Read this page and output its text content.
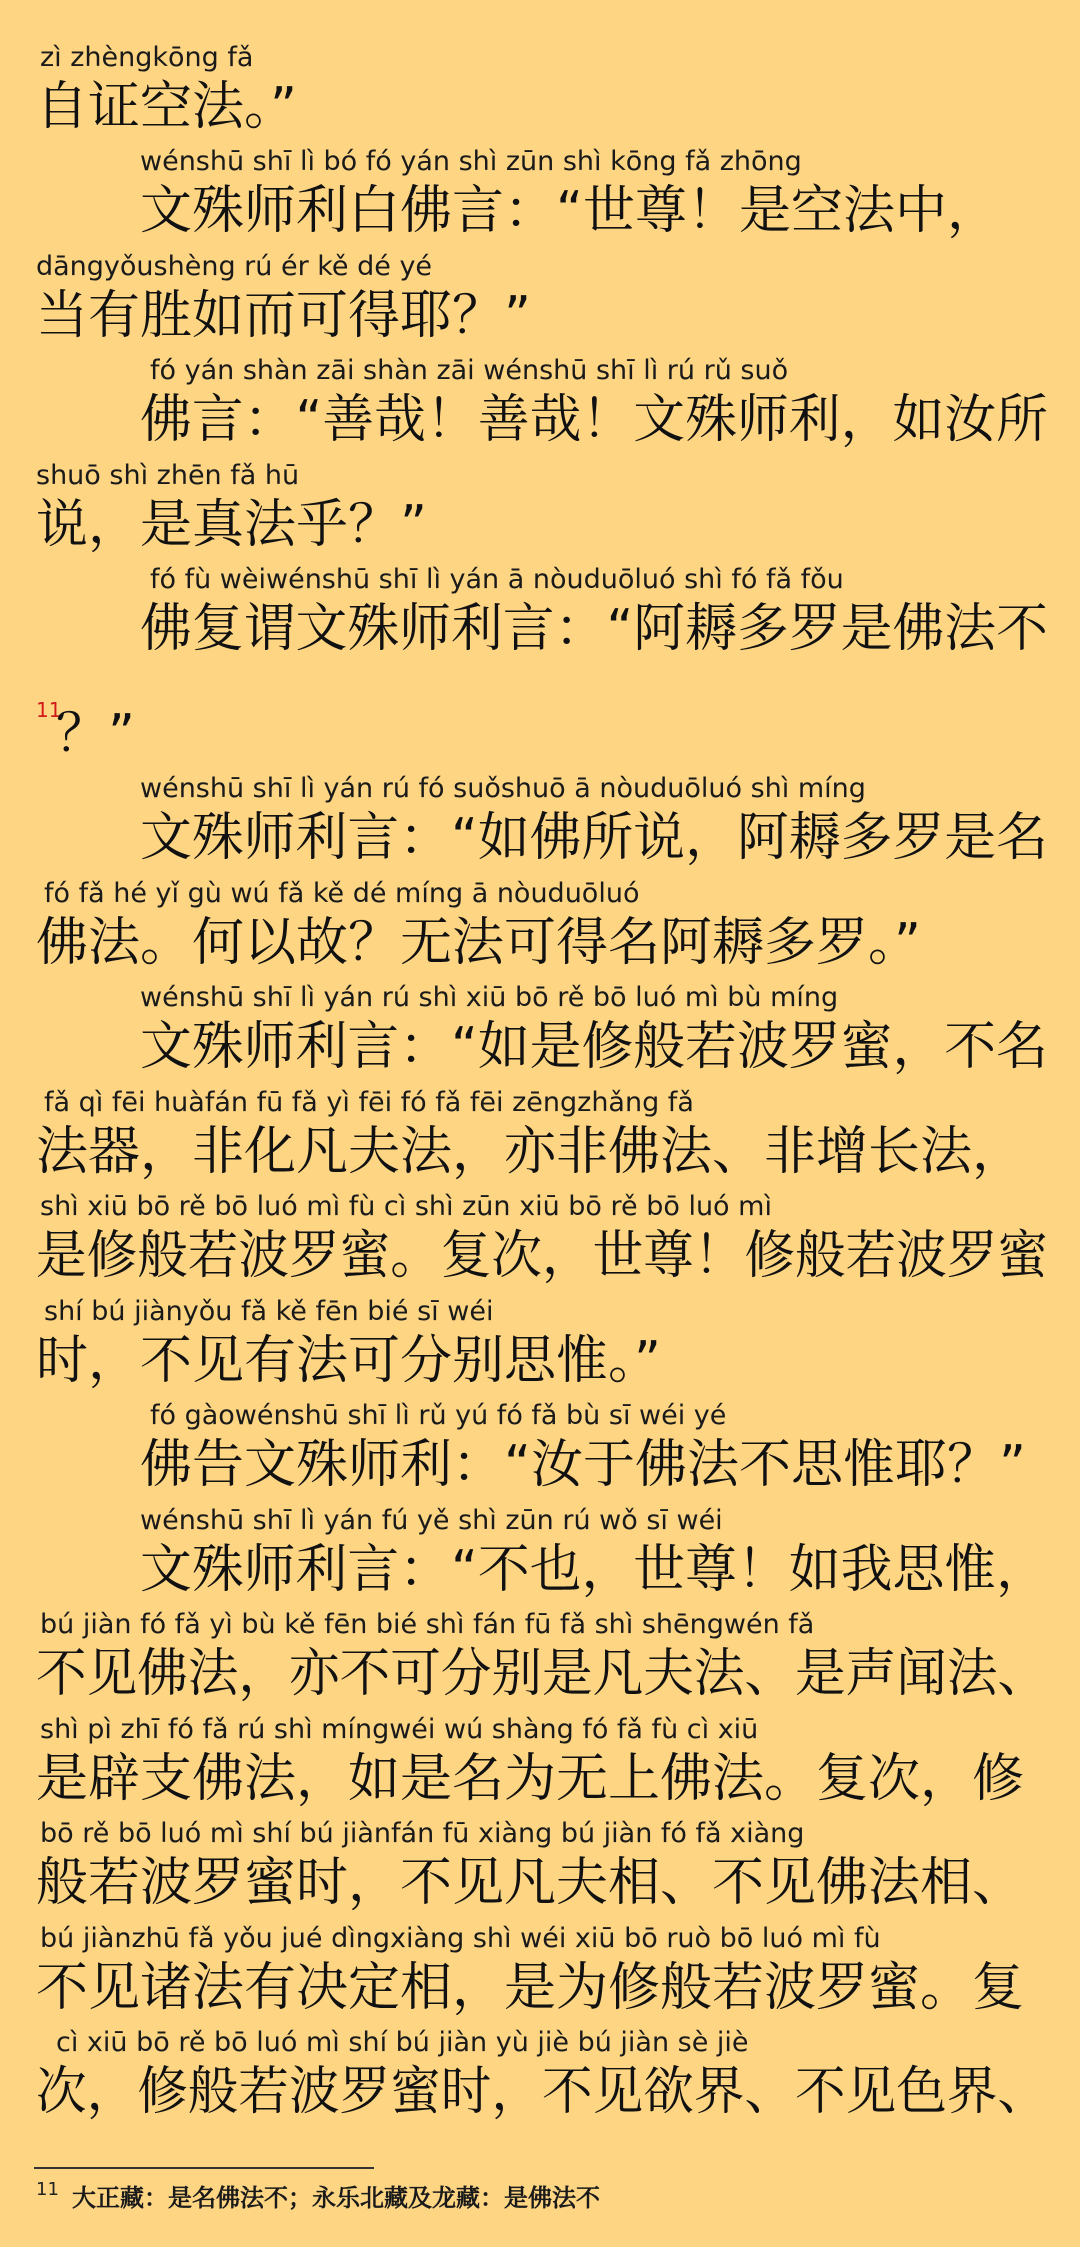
zì zhèngkōng fǎ
自证空法。”
wénshū shī lì bó fó yán shì zūn shì kōng fǎ zhōng
文殊师利白佛言：“世尊！是空法中，
dāngyǒushèng rú ér kě dé yé
当有胜如而可得耶？”
fó yán shàn zāi shàn zāi wénshū shī lì rú rǔ suǒ
佛言：“善哉！善哉！文殊师利，如汝所
shuō shì zhēn fǎ hū
说，是真法乎？”
fó fù wèiwénshū shī lì yán ā nòuduōluó shì fó fǎ fǒu
佛复谓文殊师利言：“阿耨多罗是佛法不
11
？”
wénshū shī lì yán rú fó suǒshuō ā nòuduōluó shì míng
文殊师利言：“如佛所说，阿耨多罗是名
fó fǎ hé yǐ gù wú fǎ kě dé míng ā nòuduōluó
佛法。何以故？无法可得名阿耨多罗。”
wénshū shī lì yán rú shì xiū bō rě bō luó mì bù míng
文殊师利言：“如是修般若波罗蜜，不名
fǎ qì fēi huàfán fū fǎ yì fēi fó fǎ fēi zēngzhǎng fǎ
法器，非化凡夫法，亦非佛法、非增长法，
shì xiū bō rě bō luó mì fù cì shì zūn xiū bō rě bō luó mì
是修般若波罗蜜。复次，世尊！修般若波罗蜜
shí bú jiànyǒu fǎ kě fēn bié sī wéi
时，不见有法可分别思惟。”
fó gàowénshū shī lì rǔ yú fó fǎ bù sī wéi yé
佛告文殊师利：“汝于佛法不思惟耶？”
wénshū shī lì yán fú yě shì zūn rú wǒ sī wéi
文殊师利言：“不也，世尊！如我思惟，
bú jiàn fó fǎ yì bù kě fēn bié shì fán fū fǎ shì shēngwén fǎ
不见佛法，亦不可分别是凡夫法、是声闻法、
shì pì zhī fó fǎ rú shì míngwéi wú shàng fó fǎ fù cì xiū
是辟支佛法，如是名为无上佛法。复次，修
bō rě bō luó mì shí bú jiànfán fū xiàng bú jiàn fó fǎ xiàng
般若波罗蜜时，不见凡夫相、不见佛法相、
bú jiànzhū fǎ yǒu jué dìngxiàng shì wéi xiū bō ruò bō luó mì fù
不见诸法有决定相，是为修般若波罗蜜。复
cì xiū bō rě bō luó mì shí bú jiàn yù jiè bú jiàn sè jiè
次，修般若波罗蜜时，不见欲界、不见色界、
11 大正藏：是名佛法不；永乐北藏及龙藏：是佛法不
